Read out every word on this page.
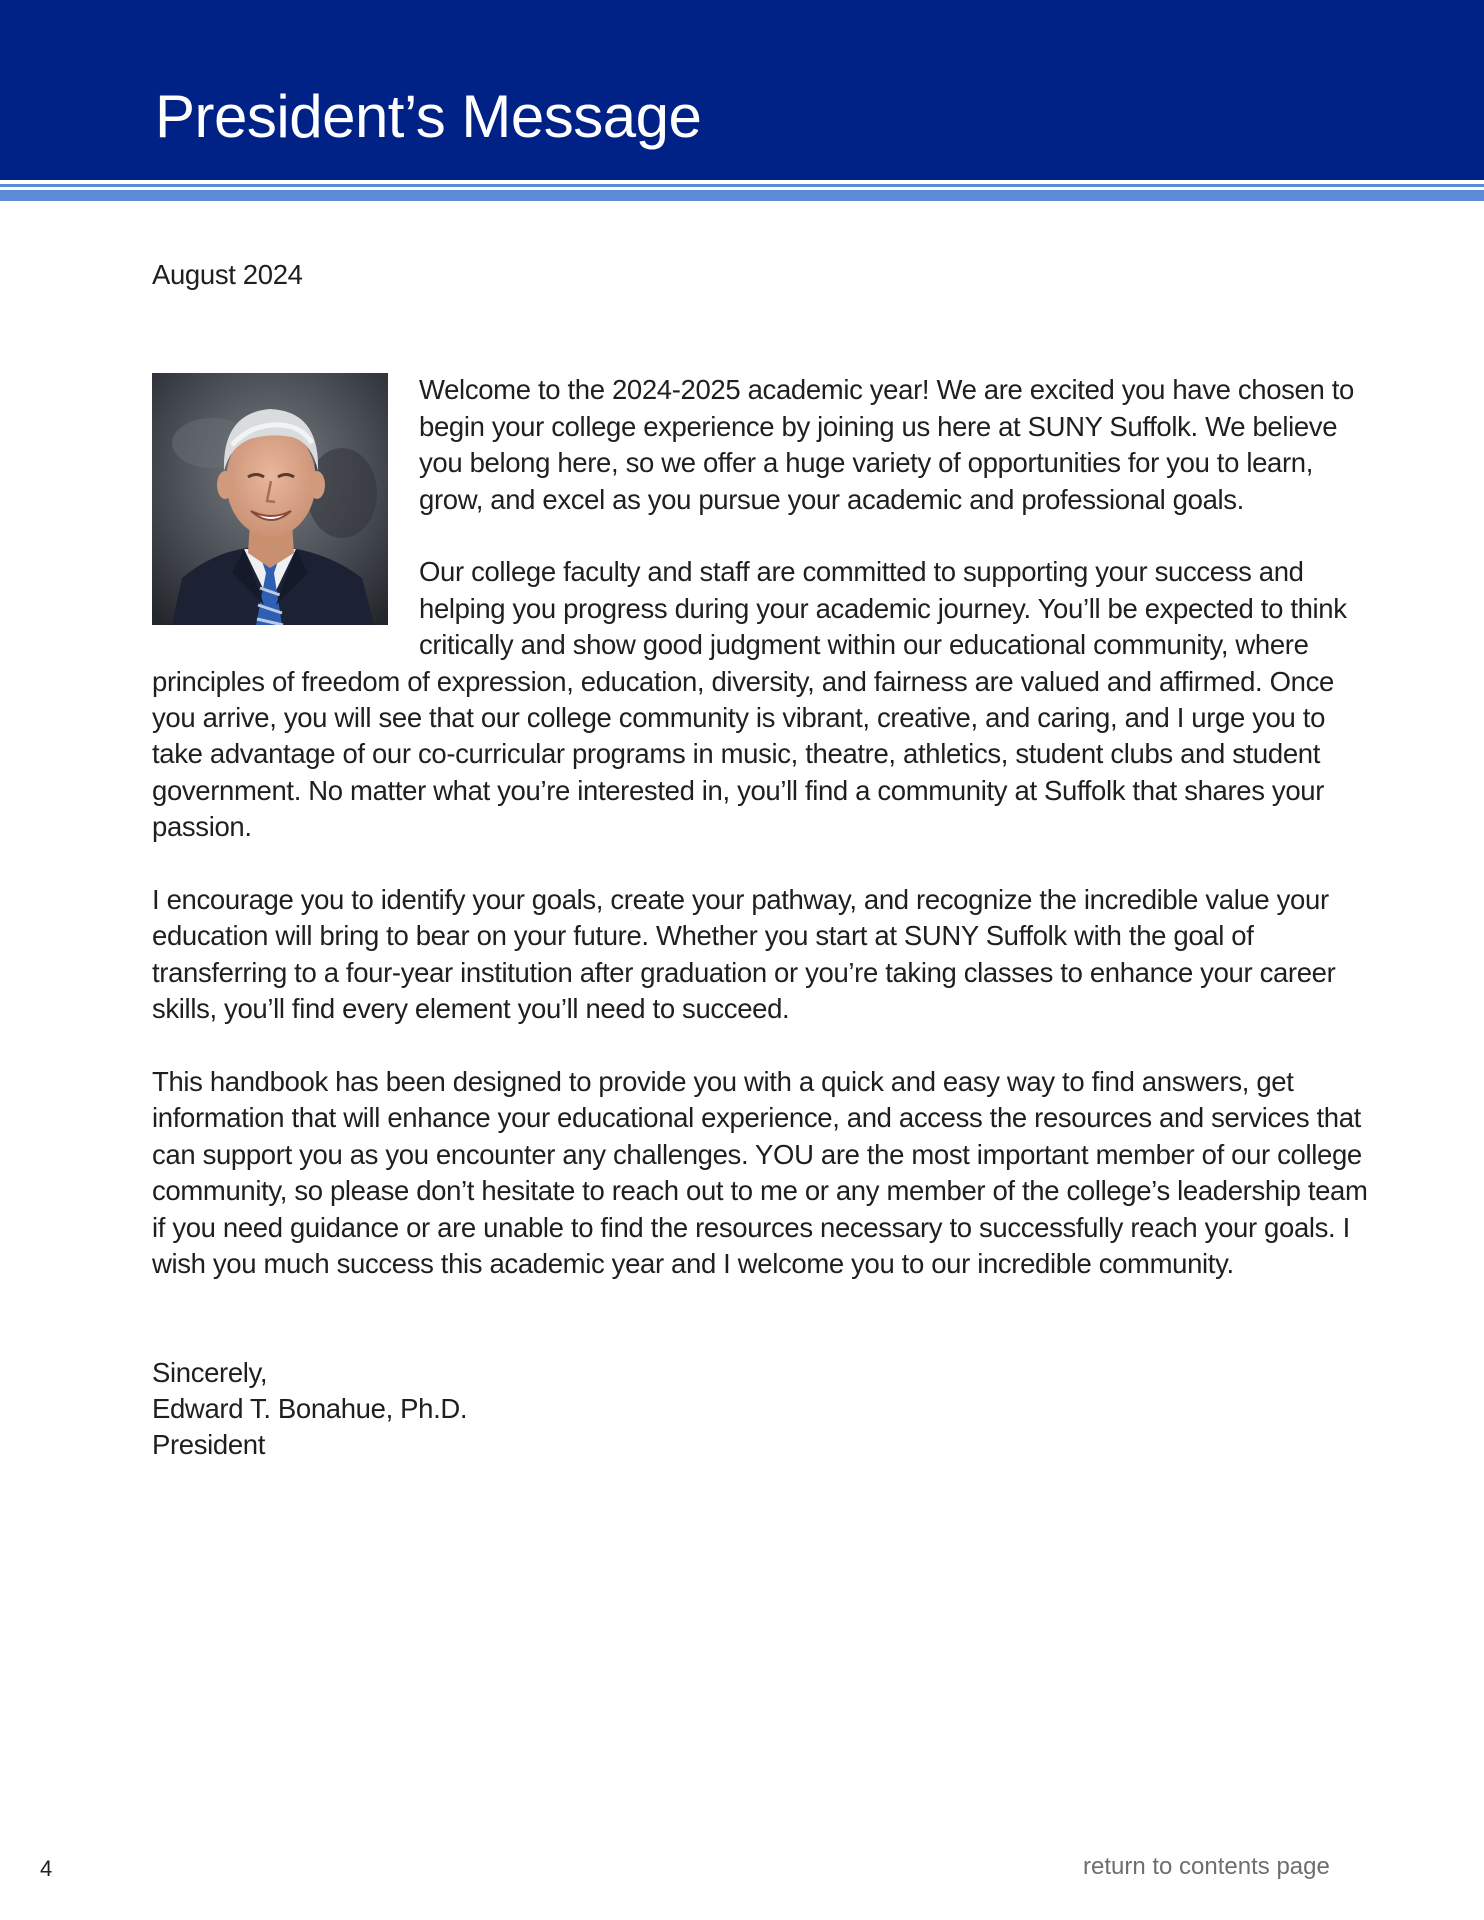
President’s Message

August 2024

Welcome to the 2024-2025 academic year! We are excited you have chosen to begin your college experience by joining us here at SUNY Suffolk. We believe you belong here, so we offer a huge variety of opportunities for you to learn, grow, and excel as you pursue your academic and professional goals.

Our college faculty and staff are committed to supporting your success and helping you progress during your academic journey. You’ll be expected to think critically and show good judgment within our educational community, where principles of freedom of expression, education, diversity, and fairness are valued and affirmed. Once you arrive, you will see that our college community is vibrant, creative, and caring, and I urge you to take advantage of our co-curricular programs in music, theatre, athletics, student clubs and student government. No matter what you’re interested in, you’ll find a community at Suffolk that shares your passion.

I encourage you to identify your goals, create your pathway, and recognize the incredible value your education will bring to bear on your future. Whether you start at SUNY Suffolk with the goal of transferring to a four-year institution after graduation or you’re taking classes to enhance your career skills, you’ll find every element you’ll need to succeed.

This handbook has been designed to provide you with a quick and easy way to find answers, get information that will enhance your educational experience, and access the resources and services that can support you as you encounter any challenges. YOU are the most important member of our college community, so please don’t hesitate to reach out to me or any member of the college’s leadership team if you need guidance or are unable to find the resources necessary to successfully reach your goals. I wish you much success this academic year and I welcome you to our incredible community.

Sincerely,
Edward T. Bonahue, Ph.D.
President
4	return to contents page
